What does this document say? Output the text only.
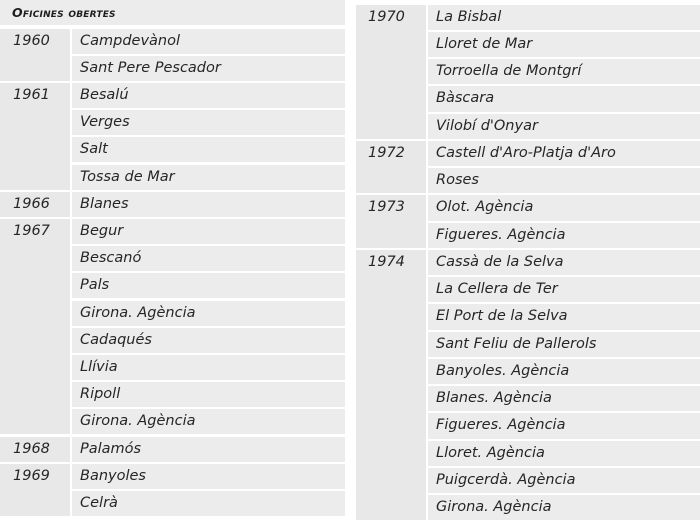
Oficines obertes
1960	Campdevànol
Sant Pere Pescador
1961	Besalú
Verges
Salt
Tossa de Mar
1966	Blanes
1967	Begur
Bescanó
Pals
Girona. Agència
Cadaqués
Llívia
Ripoll
Girona. Agència
1968	Palamós
1969	Banyoles
Celrà
1970	La Bisbal
Lloret de Mar
Torroella de Montgrí
Bàscara
Vilobí d'Onyar
1972	Castell d'Aro-Platja d'Aro
Roses
1973	Olot. Agència
Figueres. Agència
1974	Cassà de la Selva
La Cellera de Ter
El Port de la Selva
Sant Feliu de Pallerols
Banyoles. Agència
Blanes. Agència
Figueres. Agència
Lloret. Agència
Puigcerdà. Agència
Girona. Agència
